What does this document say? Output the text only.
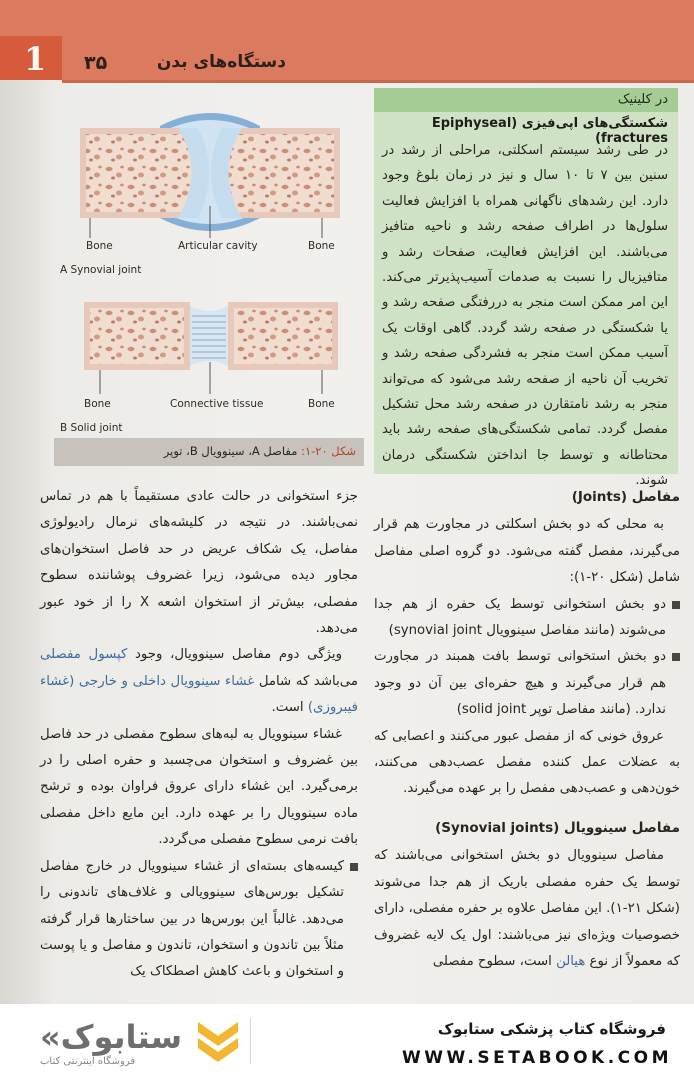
1 ۳۵	دستگاه‌های بدن
Bone	Articular cavity	Bone
A Synovial joint
Bone	Connective tissue	Bone
B Solid joint
شکل ۲۰-۱: مفاصل A، سینوویال B، توپر
در کلینیک
شکستگی‌های اپی‌فیزی (Epiphyseal fractures)
در طی رشد سیستم اسکلتی، مراحلی از رشد در سنین بین ۷ تا ۱۰ سال و نیز در زمان بلوغ وجود دارد. این رشدهای ناگهانی همراه با افزایش فعالیت سلول‌ها در اطراف صفحه رشد و ناحیه متافیز می‌باشند. این افزایش فعالیت، صفحات رشد و متافیزیال را نسبت به صدمات آسیب‌پذیرتر می‌کند. این امر ممکن است منجر به دررفتگی صفحه رشد و یا شکستگی در صفحه رشد گردد. گاهی اوقات یک آسیب ممکن است منجر به فشردگی صفحه رشد و تخریب آن ناحیه از صفحه رشد می‌شود که می‌تواند منجر به رشد نامتقارن در صفحه رشد محل تشکیل مفصل گردد. تمامی شکستگی‌های صفحه رشد باید محتاطانه و توسط جا انداختن شکستگی درمان شوند.
جزء استخوانی در حالت عادی مستقیماً با هم در تماس نمی‌باشند. در نتیجه در کلیشه‌های نرمال رادیولوژی مفاصل، یک شکاف عریض در حد فاصل استخوان‌های مجاور دیده می‌شود، زیرا غضروف پوشاننده سطوح مفصلی، بیش‌تر از استخوان اشعه X را از خود عبور می‌دهد.
ویژگی دوم مفاصل سینوویال، وجود کپسول مفصلی می‌باشد که شامل غشاء سینوویال داخلی و خارجی (غشاء فیبروزی) است.
غشاء سینوویال به لبه‌های سطوح مفصلی در حد فاصل بین غضروف و استخوان می‌چسبد و حفره اصلی را در برمی‌گیرد. این غشاء دارای عروق فراوان بوده و ترشح ماده سینوویال را بر عهده دارد. این مایع داخل مفصلی بافت نرمی سطوح مفصلی می‌گردد.
کیسه‌های بسته‌ای از غشاء سینوویال در خارج مفاصل تشکیل بورس‌های سینوویالی و غلاف‌های تاندونی را می‌دهد. غالباً این بورس‌ها در بین ساختارها قرار گرفته مثلاً بین تاندون و استخوان، تاندون و مفاصل و یا پوست و استخوان و باعث کاهش اصطکاک یک
مفاصل (Joints)
به محلی که دو بخش اسکلتی در مجاورت هم قرار می‌گیرند، مفصل گفته می‌شود. دو گروه اصلی مفاصل شامل (شکل ۲۰-۱):
دو بخش استخوانی توسط یک حفره از هم جدا می‌شوند (مانند مفاصل سینوویال synovial joint)
دو بخش استخوانی توسط بافت همبند در مجاورت هم قرار می‌گیرند و هیچ حفره‌ای بین آن دو وجود ندارد. (مانند مفاصل توپر solid joint)
عروق خونی که از مفصل عبور می‌کنند و اعصابی که به عضلات عمل کننده مفصل عصب‌دهی می‌کنند، خون‌دهی و عصب‌دهی مفصل را بر عهده می‌گیرند.
مفاصل سینوویال (Synovial joints)
مفاصل سینوویال دو بخش استخوانی می‌باشند که توسط یک حفره مفصلی باریک از هم جدا می‌شوند (شکل ۲۱-۱). این مفاصل علاوه بر حفره مفصلی، دارای خصوصیات ویژه‌ای نیز می‌باشند: اول یک لایه غضروف که معمولاً از نوع هیالن است، سطوح مفصلی
«ستابوک
فروشگاه اینترنتی کتاب
فروشگاه کتاب پزشکی ستابوک
WWW.SETABOOK.COM
